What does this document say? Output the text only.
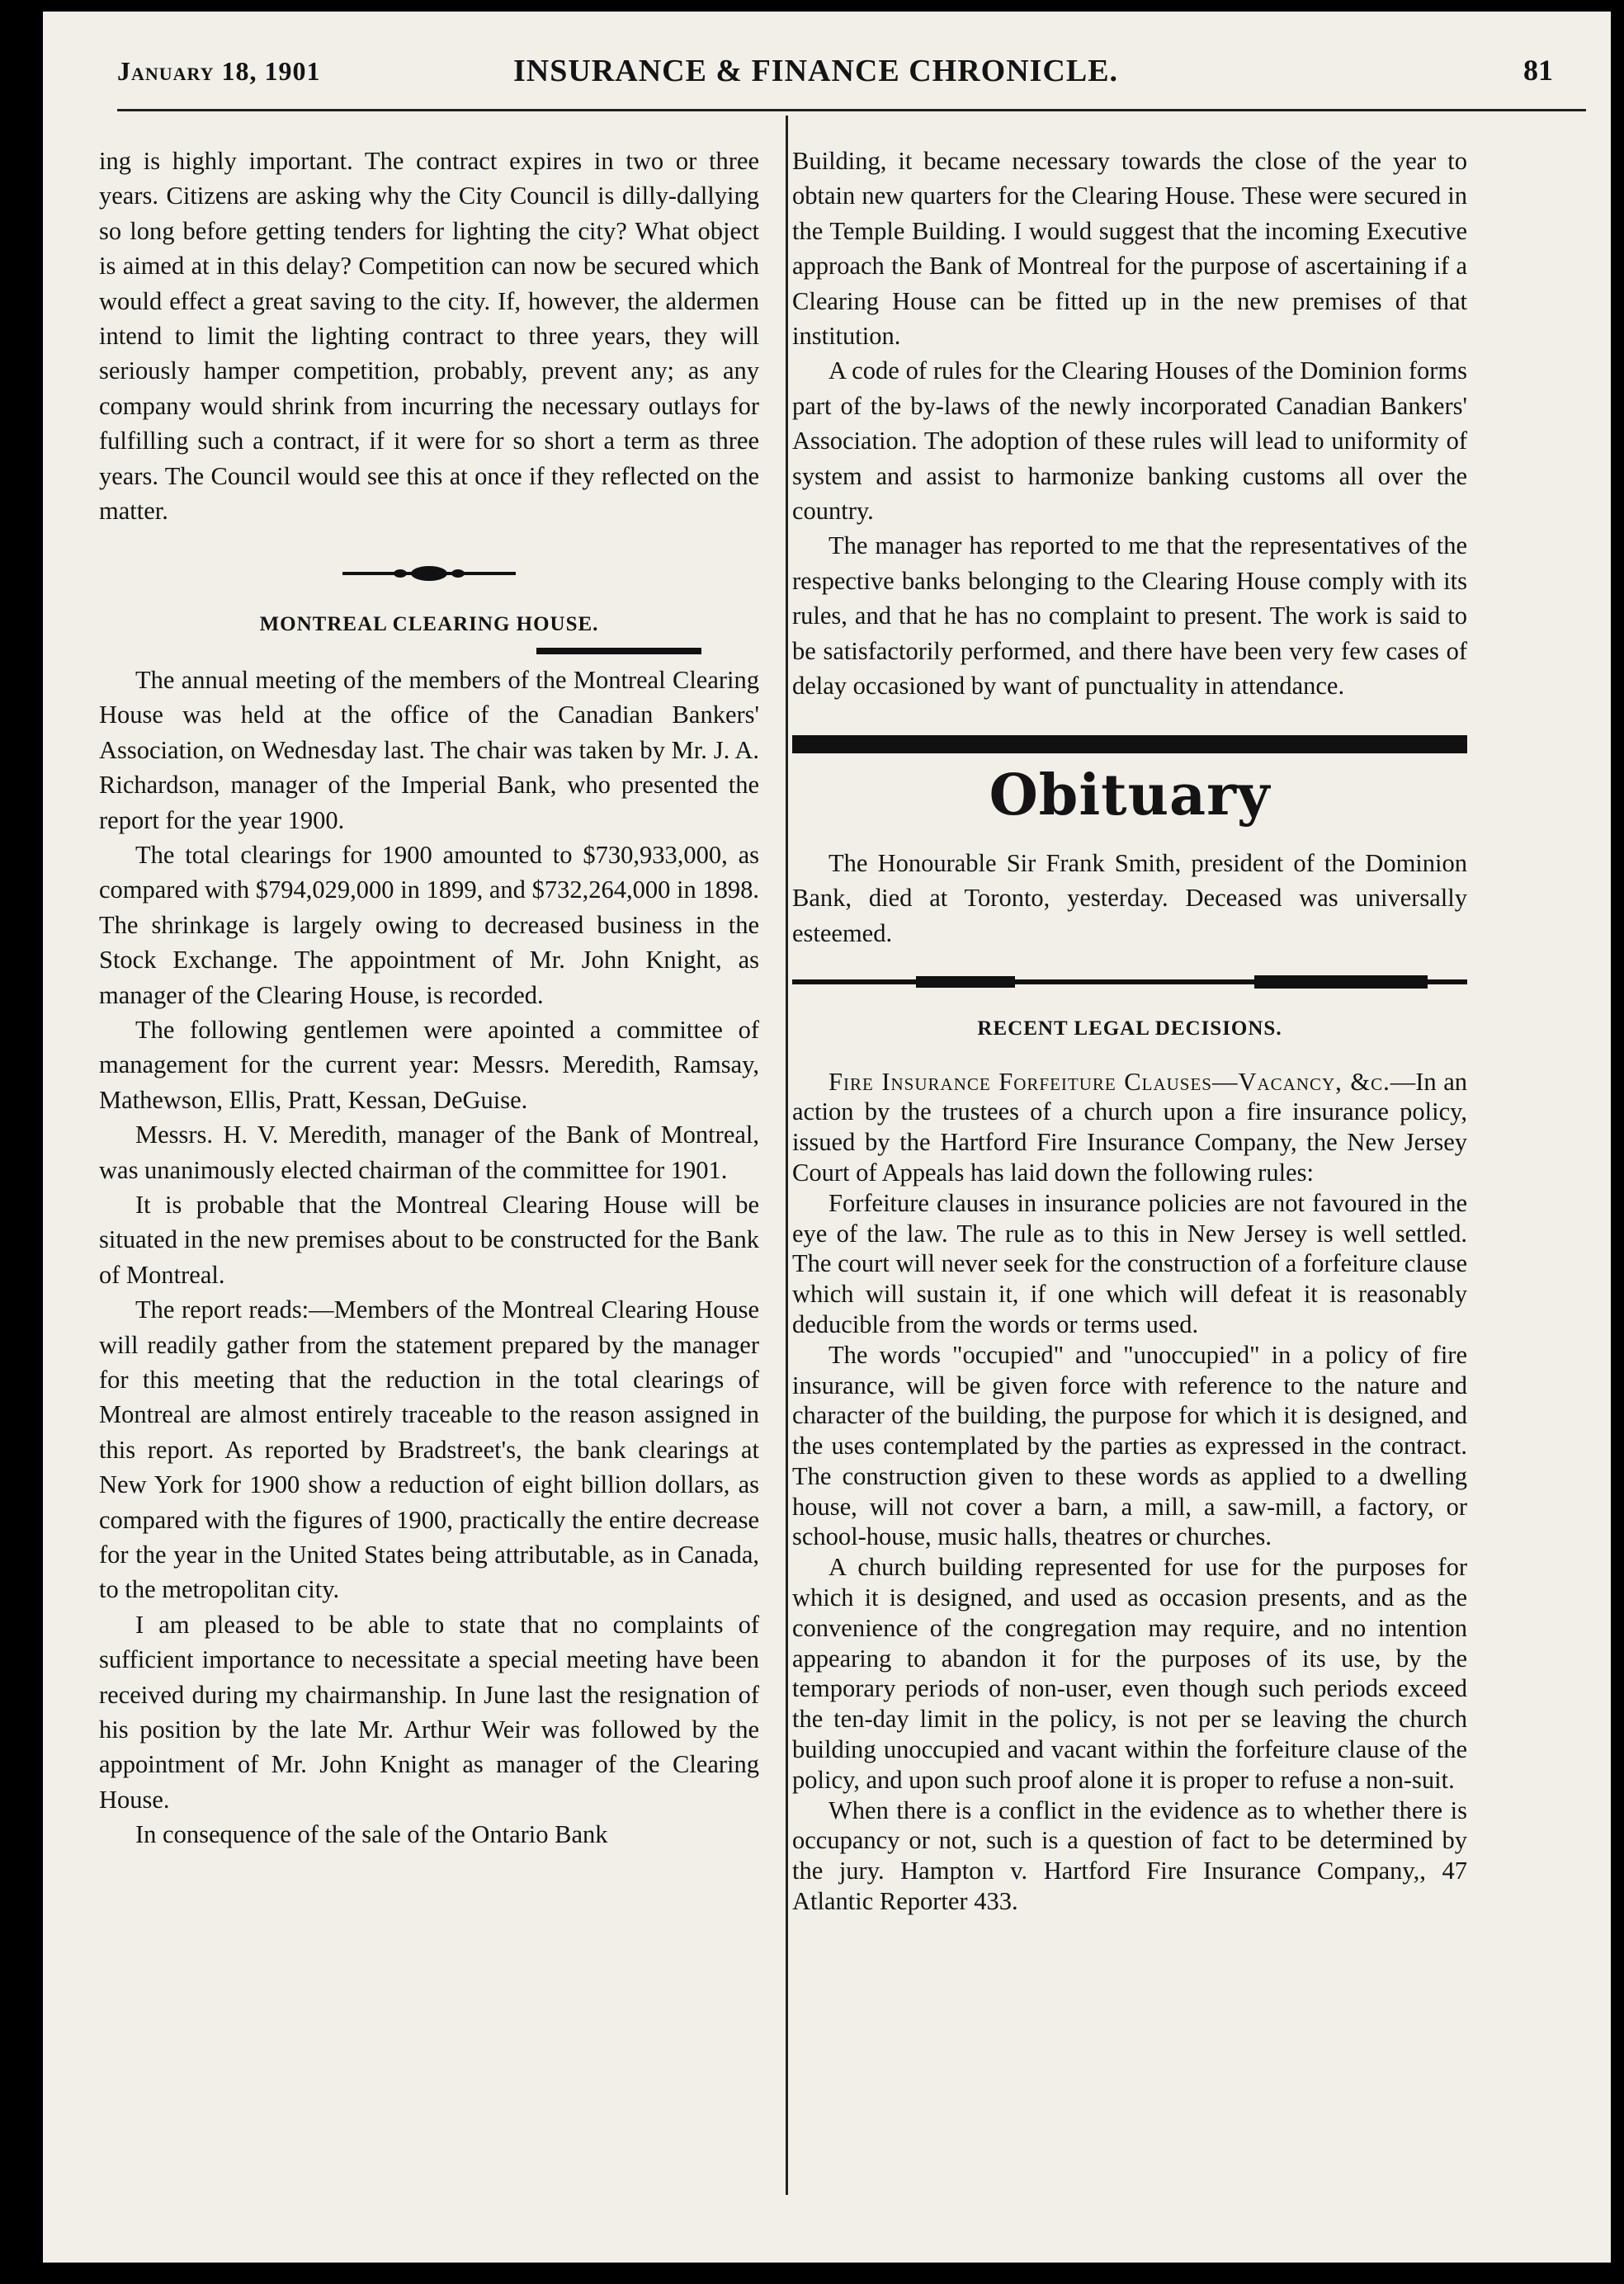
January 18, 1901	INSURANCE & FINANCE CHRONICLE.	81

ing is highly important. The contract expires in two or three years. Citizens are asking why the City Council is dilly-dallying so long before getting tenders for lighting the city? What object is aimed at in this delay? Competition can now be secured which would effect a great saving to the city. If, however, the aldermen intend to limit the lighting contract to three years, they will seriously hamper competition, probably, prevent any; as any company would shrink from incurring the necessary outlays for fulfilling such a contract, if it were for so short a term as three years. The Council would see this at once if they reflected on the matter.

MONTREAL CLEARING HOUSE.

The annual meeting of the members of the Montreal Clearing House was held at the office of the Canadian Bankers' Association, on Wednesday last. The chair was taken by Mr. J. A. Richardson, manager of the Imperial Bank, who presented the report for the year 1900.

The total clearings for 1900 amounted to $730,933,000, as compared with $794,029,000 in 1899, and $732,264,000 in 1898. The shrinkage is largely owing to decreased business in the Stock Exchange. The appointment of Mr. John Knight, as manager of the Clearing House, is recorded.

The following gentlemen were apointed a committee of management for the current year: Messrs. Meredith, Ramsay, Mathewson, Ellis, Pratt, Kessan, DeGuise.

Messrs. H. V. Meredith, manager of the Bank of Montreal, was unanimously elected chairman of the committee for 1901.

It is probable that the Montreal Clearing House will be situated in the new premises about to be constructed for the Bank of Montreal.

The report reads:—Members of the Montreal Clearing House will readily gather from the statement prepared by the manager for this meeting that the reduction in the total clearings of Montreal are almost entirely traceable to the reason assigned in this report. As reported by Bradstreet's, the bank clearings at New York for 1900 show a reduction of eight billion dollars, as compared with the figures of 1900, practically the entire decrease for the year in the United States being attributable, as in Canada, to the metropolitan city.

I am pleased to be able to state that no complaints of sufficient importance to necessitate a special meeting have been received during my chairmanship. In June last the resignation of his position by the late Mr. Arthur Weir was followed by the appointment of Mr. John Knight as manager of the Clearing House.

In consequence of the sale of the Ontario Bank

Building, it became necessary towards the close of the year to obtain new quarters for the Clearing House. These were secured in the Temple Building. I would suggest that the incoming Executive approach the Bank of Montreal for the purpose of ascertaining if a Clearing House can be fitted up in the new premises of that institution.

A code of rules for the Clearing Houses of the Dominion forms part of the by-laws of the newly incorporated Canadian Bankers' Association. The adoption of these rules will lead to uniformity of system and assist to harmonize banking customs all over the country.

The manager has reported to me that the representatives of the respective banks belonging to the Clearing House comply with its rules, and that he has no complaint to present. The work is said to be satisfactorily performed, and there have been very few cases of delay occasioned by want of punctuality in attendance.

Obituary

The Honourable Sir Frank Smith, president of the Dominion Bank, died at Toronto, yesterday. Deceased was universally esteemed.

RECENT LEGAL DECISIONS.

Fire Insurance Forfeiture Clauses—Vacancy, &c.—In an action by the trustees of a church upon a fire insurance policy, issued by the Hartford Fire Insurance Company, the New Jersey Court of Appeals has laid down the following rules:

Forfeiture clauses in insurance policies are not favoured in the eye of the law. The rule as to this in New Jersey is well settled. The court will never seek for the construction of a forfeiture clause which will sustain it, if one which will defeat it is reasonably deducible from the words or terms used.

The words "occupied" and "unoccupied" in a policy of fire insurance, will be given force with reference to the nature and character of the building, the purpose for which it is designed, and the uses contemplated by the parties as expressed in the contract. The construction given to these words as applied to a dwelling house, will not cover a barn, a mill, a saw-mill, a factory, or school-house, music halls, theatres or churches.

A church building represented for use for the purposes for which it is designed, and used as occasion presents, and as the convenience of the congregation may require, and no intention appearing to abandon it for the purposes of its use, by the temporary periods of non-user, even though such periods exceed the ten-day limit in the policy, is not per se leaving the church building unoccupied and vacant within the forfeiture clause of the policy, and upon such proof alone it is proper to refuse a non-suit.

When there is a conflict in the evidence as to whether there is occupancy or not, such is a question of fact to be determined by the jury. Hampton v. Hartford Fire Insurance Company,, 47 Atlantic Reporter 433.
